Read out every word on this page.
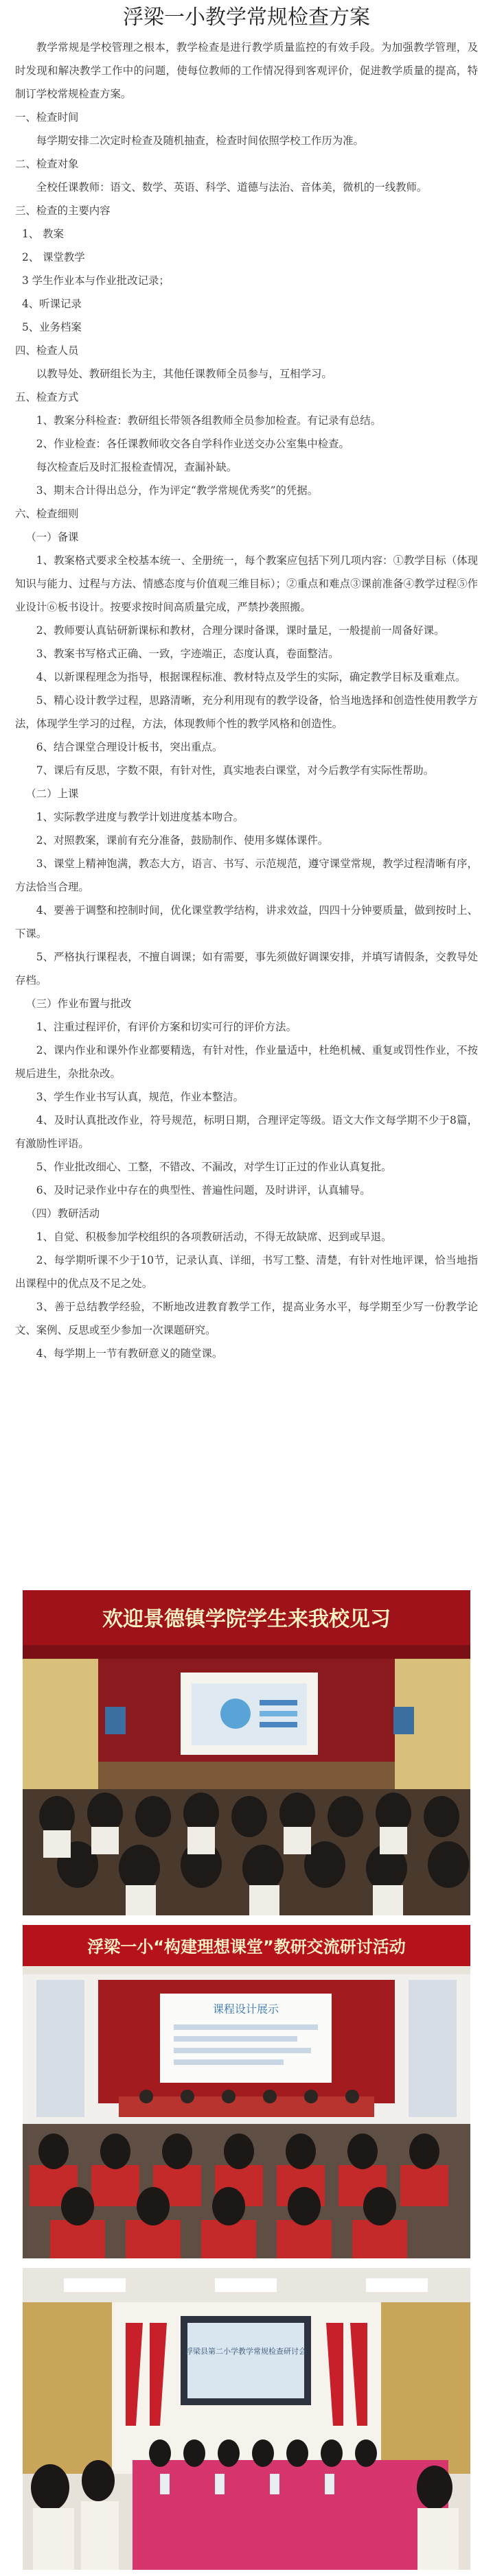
浮梁一小教学常规检查方案

教学常规是学校管理之根本，教学检查是进行教学质量监控的有效手段。为加强教学管理，及时发现和解决教学工作中的问题，使每位教师的工作情况得到客观评价，促进教学质量的提高，特制订学校常规检查方案。

一、检查时间

每学期安排二次定时检查及随机抽查，检查时间依照学校工作历为准。

二、检查对象

全校任课教师：语文、数学、英语、科学、道德与法治、音体美，微机的一线教师。

三、检查的主要内容

1、 教案

2、 课堂教学

3 学生作业本与作业批改记录；

4、听课记录

5、业务档案

四、检查人员

以教导处、教研组长为主，其他任课教师全员参与，互相学习。

五、检查方式

1、教案分科检查：教研组长带领各组教师全员参加检查。有记录有总结。

2、作业检查：各任课教师收交各自学科作业送交办公室集中检查。

每次检查后及时汇报检查情况，查漏补缺。

3、期末合计得出总分，作为评定“教学常规优秀奖”的凭据。

六、检查细则

（一）备课

1、教案格式要求全校基本统一、全册统一，每个教案应包括下列几项内容：①教学目标（体现知识与能力、过程与方法、情感态度与价值观三维目标）；②重点和难点③课前准备④教学过程⑤作业设计⑥板书设计。按要求按时间高质量完成，严禁抄袭照搬。

2、教师要认真钻研新课标和教材，合理分课时备课，课时量足，一般提前一周备好课。

3、教案书写格式正确、一致，字迹端正，态度认真，卷面整洁。

4、以新课程理念为指导，根据课程标准、教材特点及学生的实际，确定教学目标及重难点。

5、精心设计教学过程，思路清晰，充分利用现有的教学设备，恰当地选择和创造性使用教学方法，体现学生学习的过程，方法，体现教师个性的教学风格和创造性。

6、结合课堂合理设计板书，突出重点。

7、课后有反思，字数不限，有针对性，真实地表白课堂，对今后教学有实际性帮助。

（二）上课

1、实际教学进度与教学计划进度基本吻合。

2、对照教案，课前有充分准备，鼓励制作、使用多媒体课件。

3、课堂上精神饱满，教态大方，语言、书写、示范规范，遵守课堂常规，教学过程清晰有序，方法恰当合理。

4、要善于调整和控制时间，优化课堂教学结构，讲求效益，四四十分钟要质量，做到按时上、下课。

5、严格执行课程表，不擅自调课；如有需要，事先须做好调课安排，并填写请假条，交教导处存档。

（三）作业布置与批改

1、注重过程评价，有评价方案和切实可行的评价方法。

2、课内作业和课外作业都要精选，有针对性，作业量适中，杜绝机械、重复或罚性作业，不按规后进生，杂批杂改。

3、学生作业书写认真，规范，作业本整洁。

4、及时认真批改作业，符号规范，标明日期，合理评定等级。语文大作文每学期不少于8篇，有激励性评语。

5、作业批改细心、工整，不错改、不漏改，对学生订正过的作业认真复批。

6、及时记录作业中存在的典型性、普遍性问题，及时讲评，认真辅导。

（四）教研活动

1、自觉、积极参加学校组织的各项教研活动，不得无故缺席、迟到或早退。

2、每学期听课不少于10节，记录认真、详细，书写工整、清楚，有针对性地评课，恰当地指出课程中的优点及不足之处。

3、善于总结教学经验，不断地改进教育教学工作，提高业务水平，每学期至少写一份教学论文、案例、反思或至少参加一次课题研究。

4、每学期上一节有教研意义的随堂课。

欢迎景德镇学院学生来我校见习
浮梁一小“构建理想课堂”教研交流研讨活动
课程设计展示
浮梁县第二小学教学常规检查研讨会
